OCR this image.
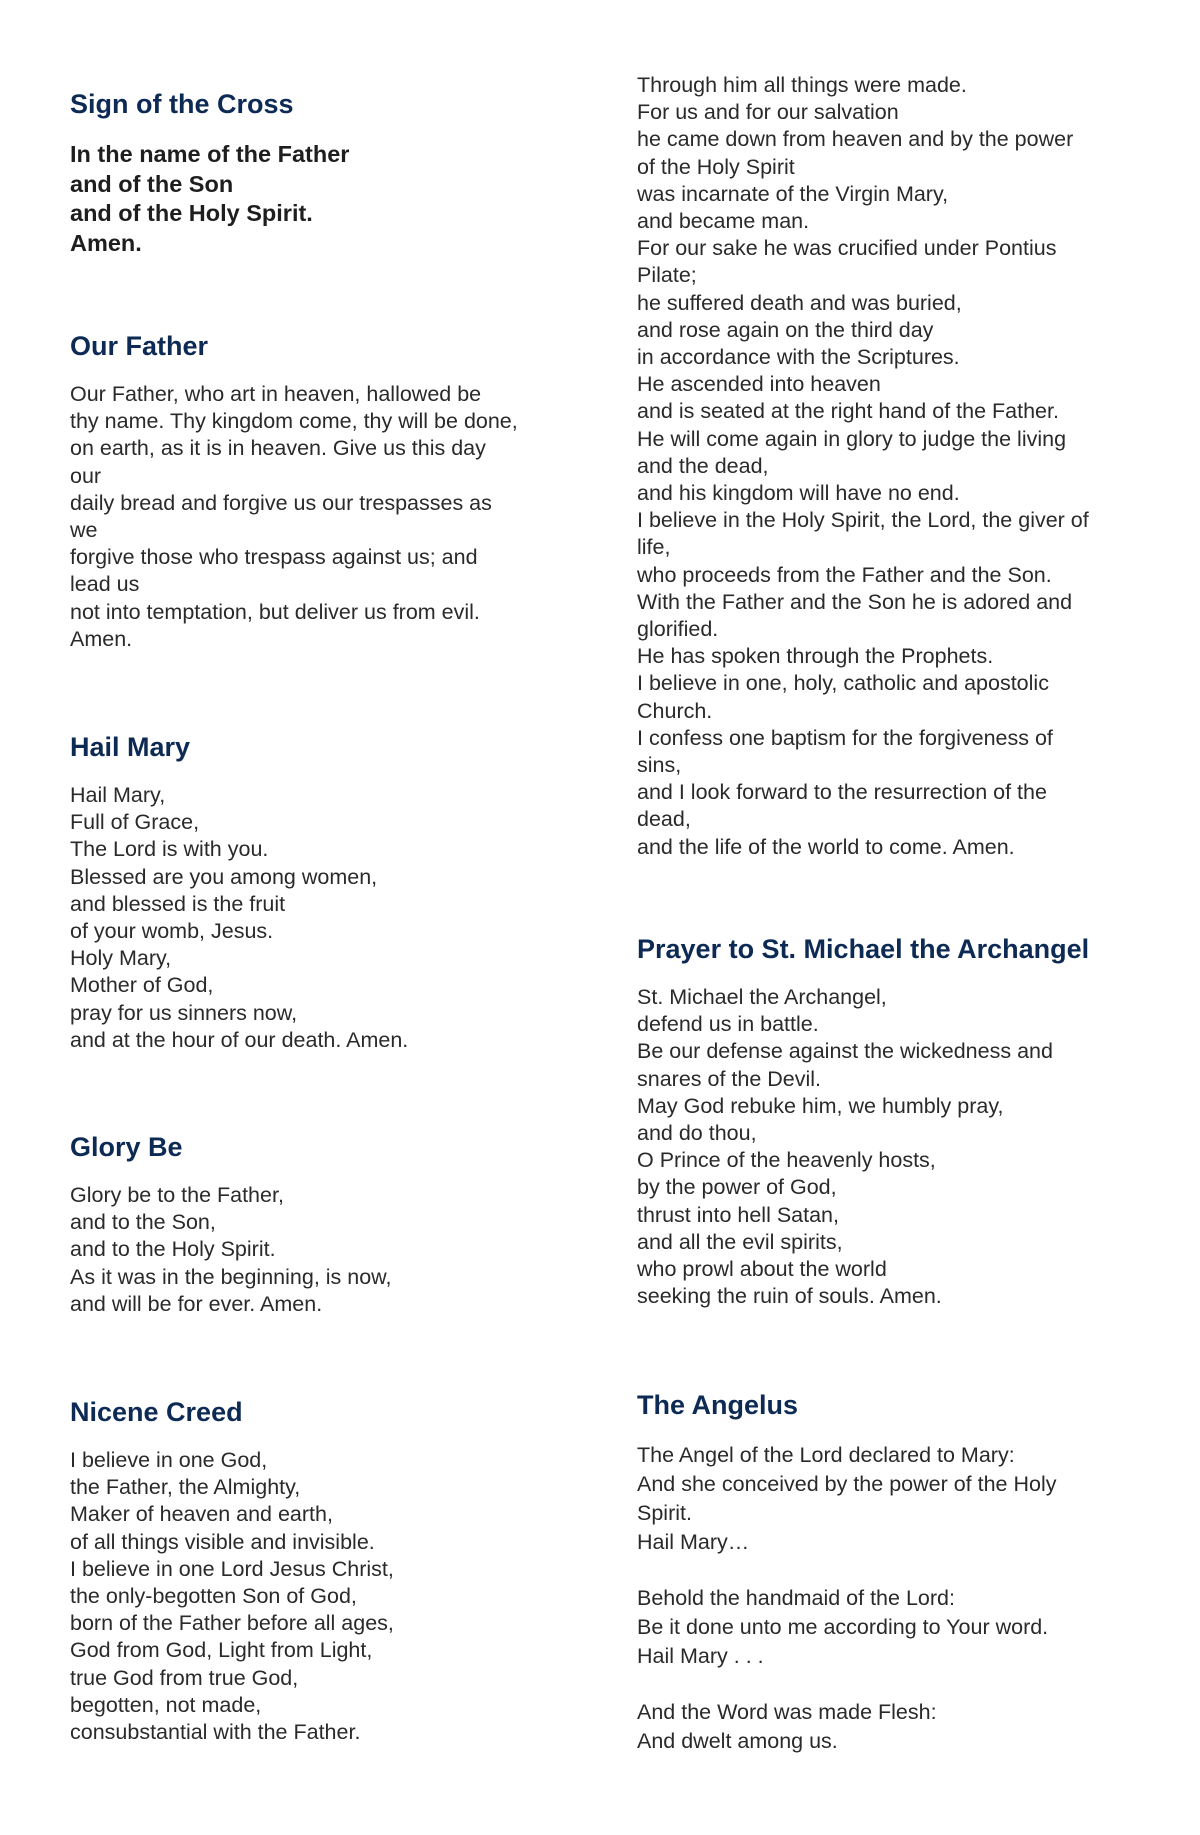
Sign of the Cross
In the name of the Father
and of the Son
and of the Holy Spirit.
Amen.
Our Father
Our Father, who art in heaven, hallowed be
thy name. Thy kingdom come, thy will be done,
on earth, as it is in heaven. Give us this day
our
daily bread and forgive us our trespasses as
we
forgive those who trespass against us; and
lead us
not into temptation, but deliver us from evil.
Amen.
Hail Mary
Hail Mary,
Full of Grace,
The Lord is with you.
Blessed are you among women,
and blessed is the fruit
of your womb, Jesus.
Holy Mary,
Mother of God,
pray for us sinners now,
and at the hour of our death. Amen.
Glory Be
Glory be to the Father,
and to the Son,
and to the Holy Spirit.
As it was in the beginning, is now,
and will be for ever. Amen.
Nicene Creed
I believe in one God,
the Father, the Almighty,
Maker of heaven and earth,
of all things visible and invisible.
I believe in one Lord Jesus Christ,
the only-begotten Son of God,
born of the Father before all ages,
God from God, Light from Light,
true God from true God,
begotten, not made,
consubstantial with the Father.
Through him all things were made.
For us and for our salvation
he came down from heaven and by the power
of the Holy Spirit
was incarnate of the Virgin Mary,
and became man.
For our sake he was crucified under Pontius
Pilate;
he suffered death and was buried,
and rose again on the third day
in accordance with the Scriptures.
He ascended into heaven
and is seated at the right hand of the Father.
He will come again in glory to judge the living
and the dead,
and his kingdom will have no end.
I believe in the Holy Spirit, the Lord, the giver of
life,
who proceeds from the Father and the Son.
With the Father and the Son he is adored and
glorified.
He has spoken through the Prophets.
I believe in one, holy, catholic and apostolic
Church.
I confess one baptism for the forgiveness of
sins,
and I look forward to the resurrection of the
dead,
and the life of the world to come. Amen.
Prayer to St. Michael the Archangel
St. Michael the Archangel,
defend us in battle.
Be our defense against the wickedness and
snares of the Devil.
May God rebuke him, we humbly pray,
and do thou,
O Prince of the heavenly hosts,
by the power of God,
thrust into hell Satan,
and all the evil spirits,
who prowl about the world
seeking the ruin of souls. Amen.
The Angelus
The Angel of the Lord declared to Mary:
And she conceived by the power of the Holy
Spirit.
Hail Mary…
Behold the handmaid of the Lord:
Be it done unto me according to Your word.
Hail Mary . . .
And the Word was made Flesh:
And dwelt among us.
